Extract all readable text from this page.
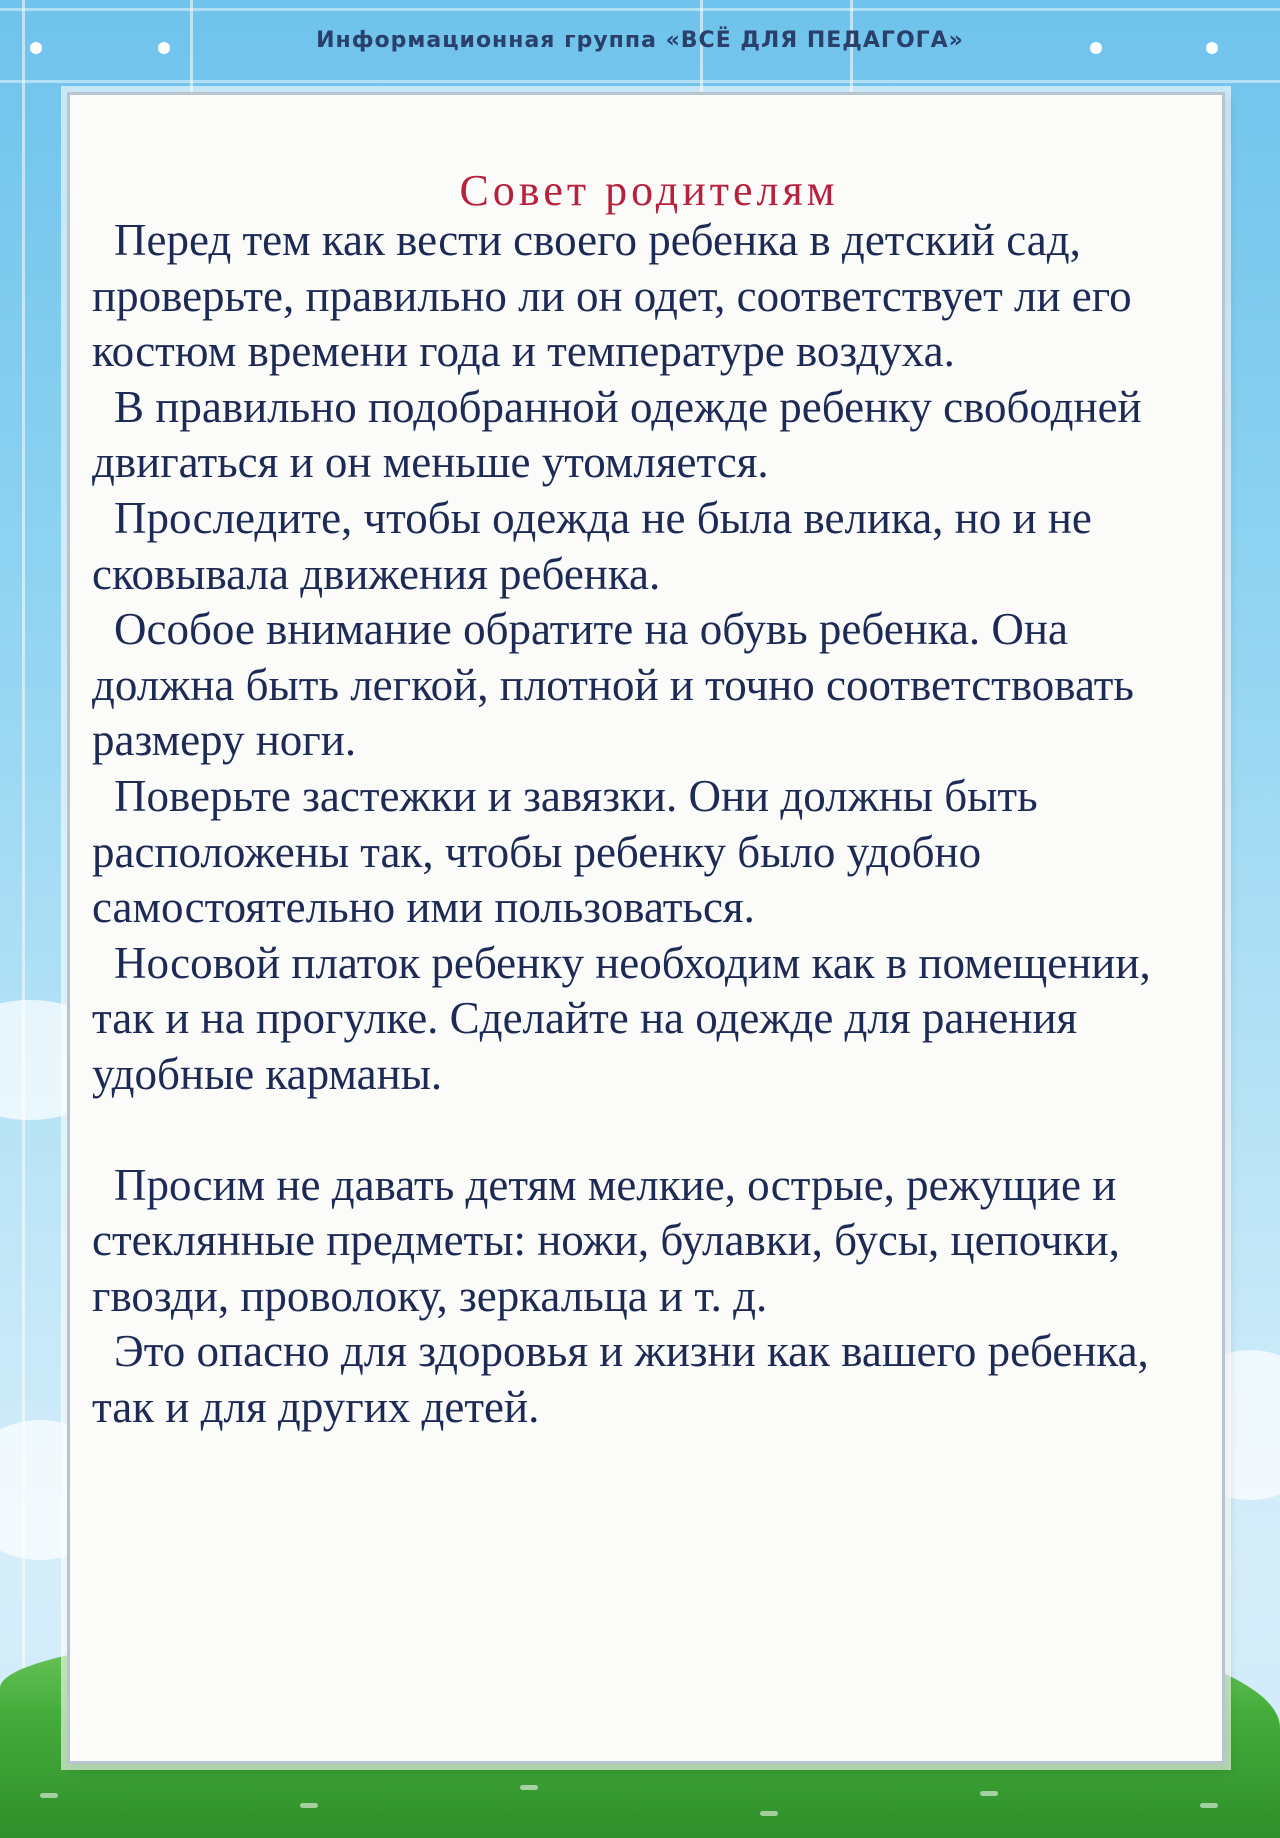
Информационная группа «ВСЁ ДЛЯ ПЕДАГОГА»
Совет родителям

Перед тем как вести своего ребенка в детский сад, проверьте, правильно ли он одет, соответствует ли его костюм времени года и температуре воздуха.

В правильно подобранной одежде ребенку свободней двигаться и он меньше утомляется.

Проследите, чтобы одежда не была велика, но и не сковывала движения ребенка.

Особое внимание обратите на обувь ребенка. Она должна быть легкой, плотной и точно соответствовать размеру ноги.

Поверьте застежки и завязки. Они должны быть расположены так, чтобы ребенку было удобно самостоятельно ими пользоваться.

Носовой платок ребенку необходим как в помещении, так и на прогулке. Сделайте на одежде для ранения удобные карманы.

Просим не давать детям мелкие, острые, режущие и стеклянные предметы: ножи, булавки, бусы, цепочки, гвозди, проволоку, зеркальца и т. д.

Это опасно для здоровья и жизни как вашего ребенка, так и для других детей.
